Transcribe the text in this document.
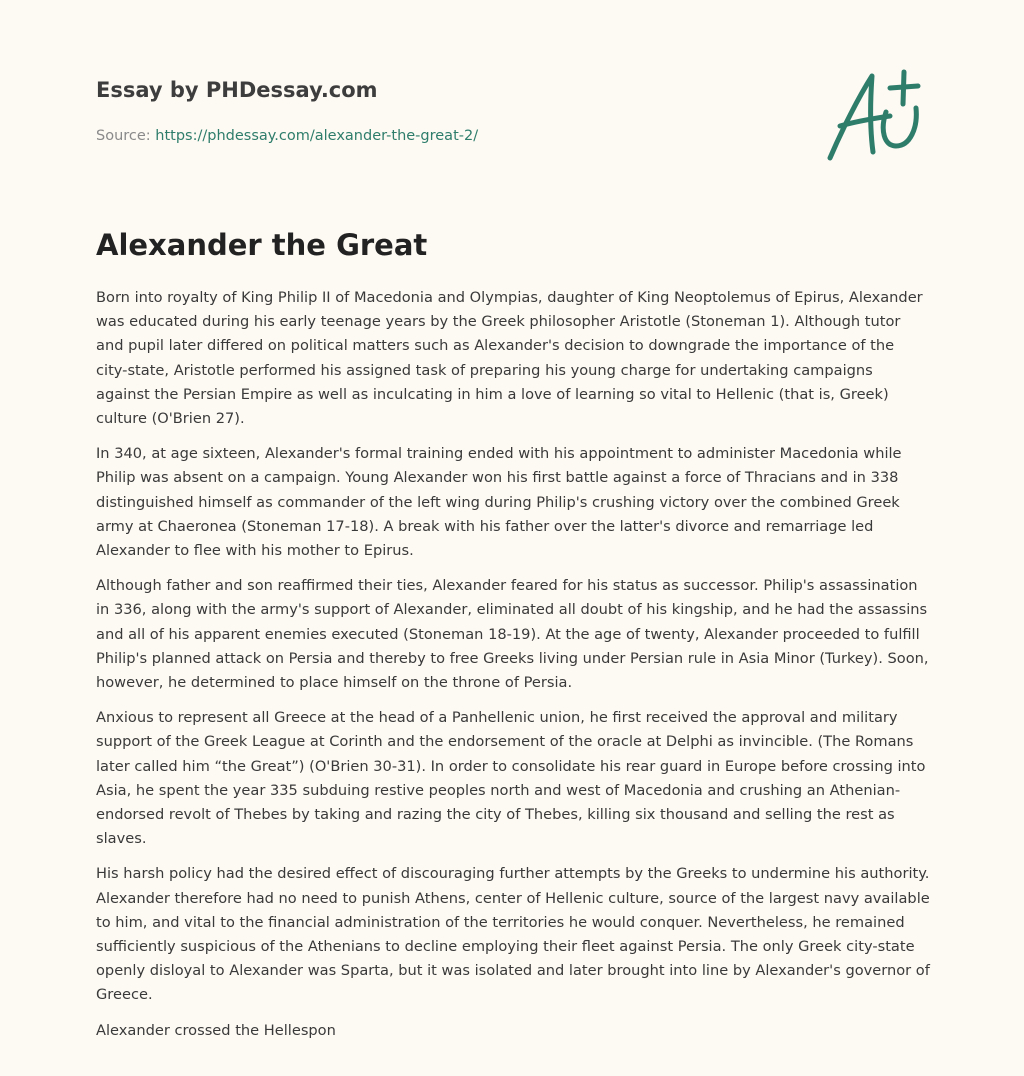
Essay by PHDessay.com
Source: https://phdessay.com/alexander-the-great-2/
Alexander the Great

Born into royalty of King Philip II of Macedonia and Olympias, daughter of King Neoptolemus of Epirus, Alexander was educated during his early teenage years by the Greek philosopher Aristotle (Stoneman 1). Although tutor and pupil later differed on political matters such as Alexander's decision to downgrade the importance of the city-state, Aristotle performed his assigned task of preparing his young charge for undertaking campaigns against the Persian Empire as well as inculcating in him a love of learning so vital to Hellenic (that is, Greek) culture (O'Brien 27).

In 340, at age sixteen, Alexander's formal training ended with his appointment to administer Macedonia while Philip was absent on a campaign. Young Alexander won his first battle against a force of Thracians and in 338 distinguished himself as commander of the left wing during Philip's crushing victory over the combined Greek army at Chaeronea (Stoneman 17-18). A break with his father over the latter's divorce and remarriage led Alexander to flee with his mother to Epirus.

Although father and son reaffirmed their ties, Alexander feared for his status as successor. Philip's assassination in 336, along with the army's support of Alexander, eliminated all doubt of his kingship, and he had the assassins and all of his apparent enemies executed (Stoneman 18-19). At the age of twenty, Alexander proceeded to fulfill Philip's planned attack on Persia and thereby to free Greeks living under Persian rule in Asia Minor (Turkey). Soon, however, he determined to place himself on the throne of Persia.

Anxious to represent all Greece at the head of a Panhellenic union, he first received the approval and military support of the Greek League at Corinth and the endorsement of the oracle at Delphi as invincible. (The Romans later called him “the Great”) (O'Brien 30-31). In order to consolidate his rear guard in Europe before crossing into Asia, he spent the year 335 subduing restive peoples north and west of Macedonia and crushing an Athenian-endorsed revolt of Thebes by taking and razing the city of Thebes, killing six thousand and selling the rest as slaves.

His harsh policy had the desired effect of discouraging further attempts by the Greeks to undermine his authority. Alexander therefore had no need to punish Athens, center of Hellenic culture, source of the largest navy available to him, and vital to the financial administration of the territories he would conquer. Nevertheless, he remained sufficiently suspicious of the Athenians to decline employing their fleet against Persia. The only Greek city-state openly disloyal to Alexander was Sparta, but it was isolated and later brought into line by Alexander's governor of Greece.

Alexander crossed the Hellespon
